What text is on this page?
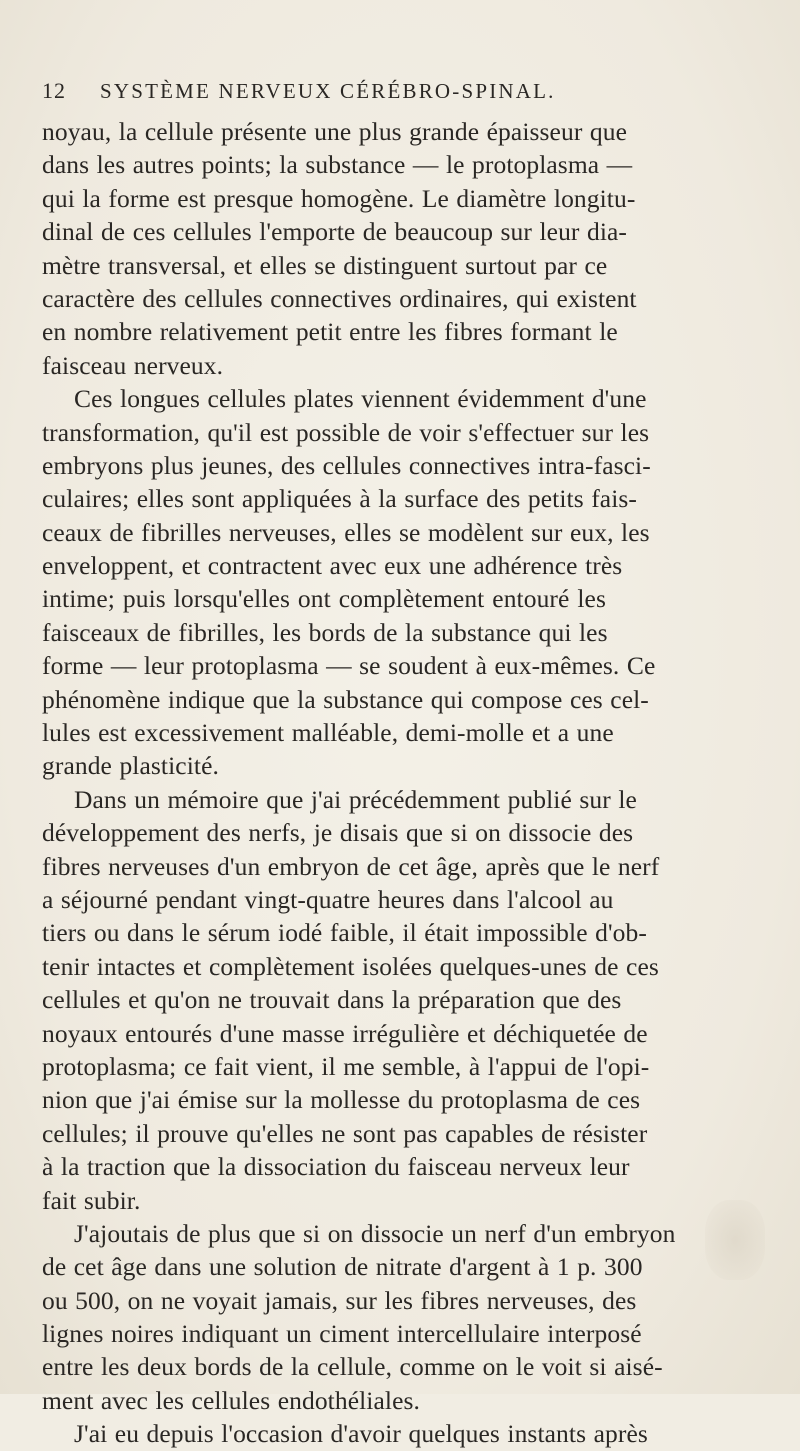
12 SYSTÈME NERVEUX CÉRÉBRO-SPINAL.
noyau, la cellule présente une plus grande épaisseur que
dans les autres points; la substance — le protoplasma —
qui la forme est presque homogène. Le diamètre longitu-
dinal de ces cellules l'emporte de beaucoup sur leur dia-
mètre transversal, et elles se distinguent surtout par ce
caractère des cellules connectives ordinaires, qui existent
en nombre relativement petit entre les fibres formant le
faisceau nerveux.
Ces longues cellules plates viennent évidemment d'une
transformation, qu'il est possible de voir s'effectuer sur les
embryons plus jeunes, des cellules connectives intra-fasci-
culaires; elles sont appliquées à la surface des petits fais-
ceaux de fibrilles nerveuses, elles se modèlent sur eux, les
enveloppent, et contractent avec eux une adhérence très
intime; puis lorsqu'elles ont complètement entouré les
faisceaux de fibrilles, les bords de la substance qui les
forme — leur protoplasma — se soudent à eux-mêmes. Ce
phénomène indique que la substance qui compose ces cel-
lules est excessivement malléable, demi-molle et a une
grande plasticité.
Dans un mémoire que j'ai précédemment publié sur le
développement des nerfs, je disais que si on dissocie des
fibres nerveuses d'un embryon de cet âge, après que le nerf
a séjourné pendant vingt-quatre heures dans l'alcool au
tiers ou dans le sérum iodé faible, il était impossible d'ob-
tenir intactes et complètement isolées quelques-unes de ces
cellules et qu'on ne trouvait dans la préparation que des
noyaux entourés d'une masse irrégulière et déchiquetée de
protoplasma; ce fait vient, il me semble, à l'appui de l'opi-
nion que j'ai émise sur la mollesse du protoplasma de ces
cellules; il prouve qu'elles ne sont pas capables de résister
à la traction que la dissociation du faisceau nerveux leur
fait subir.
J'ajoutais de plus que si on dissocie un nerf d'un embryon
de cet âge dans une solution de nitrate d'argent à 1 p. 300
ou 500, on ne voyait jamais, sur les fibres nerveuses, des
lignes noires indiquant un ciment intercellulaire interposé
entre les deux bords de la cellule, comme on le voit si aisé-
ment avec les cellules endothéliales.
J'ai eu depuis l'occasion d'avoir quelques instants après
